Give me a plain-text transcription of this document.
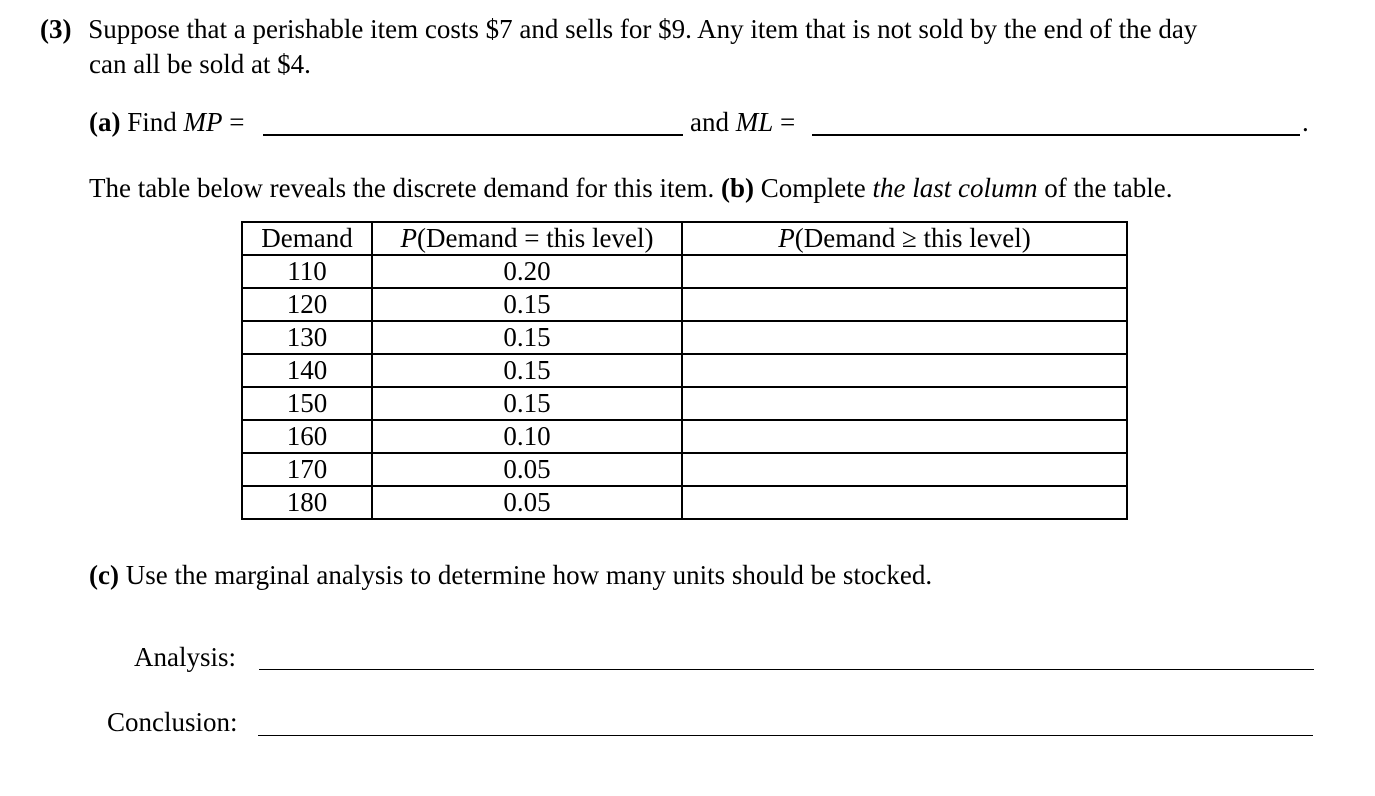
(3) Suppose that a perishable item costs $7 and sells for $9. Any item that is not sold by the end of the day
can all be sold at $4.
(a) Find MP =	and ML =	.
The table below reveals the discrete demand for this item. (b) Complete the last column of the table.
Demand	P(Demand = this level)	P(Demand ≥ this level)
110	0.20	
120	0.15	
130	0.15	
140	0.15	
150	0.15	
160	0.10	
170	0.05	
180	0.05	
(c) Use the marginal analysis to determine how many units should be stocked.
Analysis:
Conclusion:
